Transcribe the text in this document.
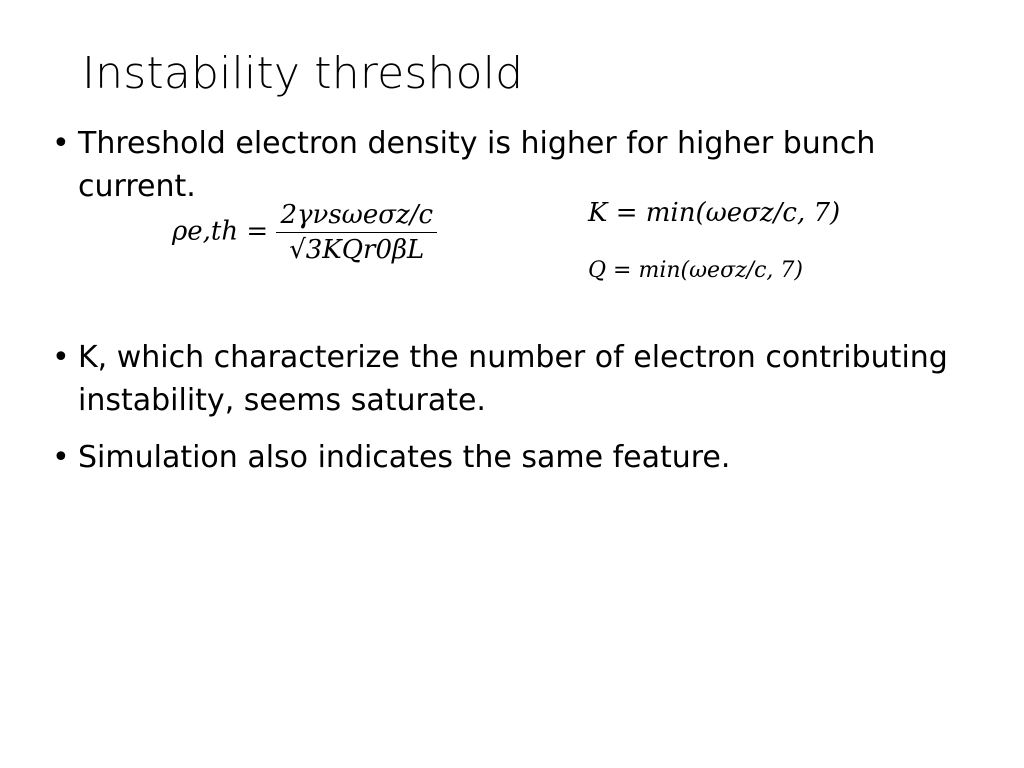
Instability threshold
• Threshold electron density is higher for higher bunch current.
• K, which characterize the number of electron contributing instability, seems saturate.
• Simulation also indicates the same feature.
$\rho e,th = \frac{\text{2γνsωeσz/c}}{\text{√3KQr0βL}}$	K = min(ωeσz/c, 7)
Q = min(ωeσz/c, 7)
